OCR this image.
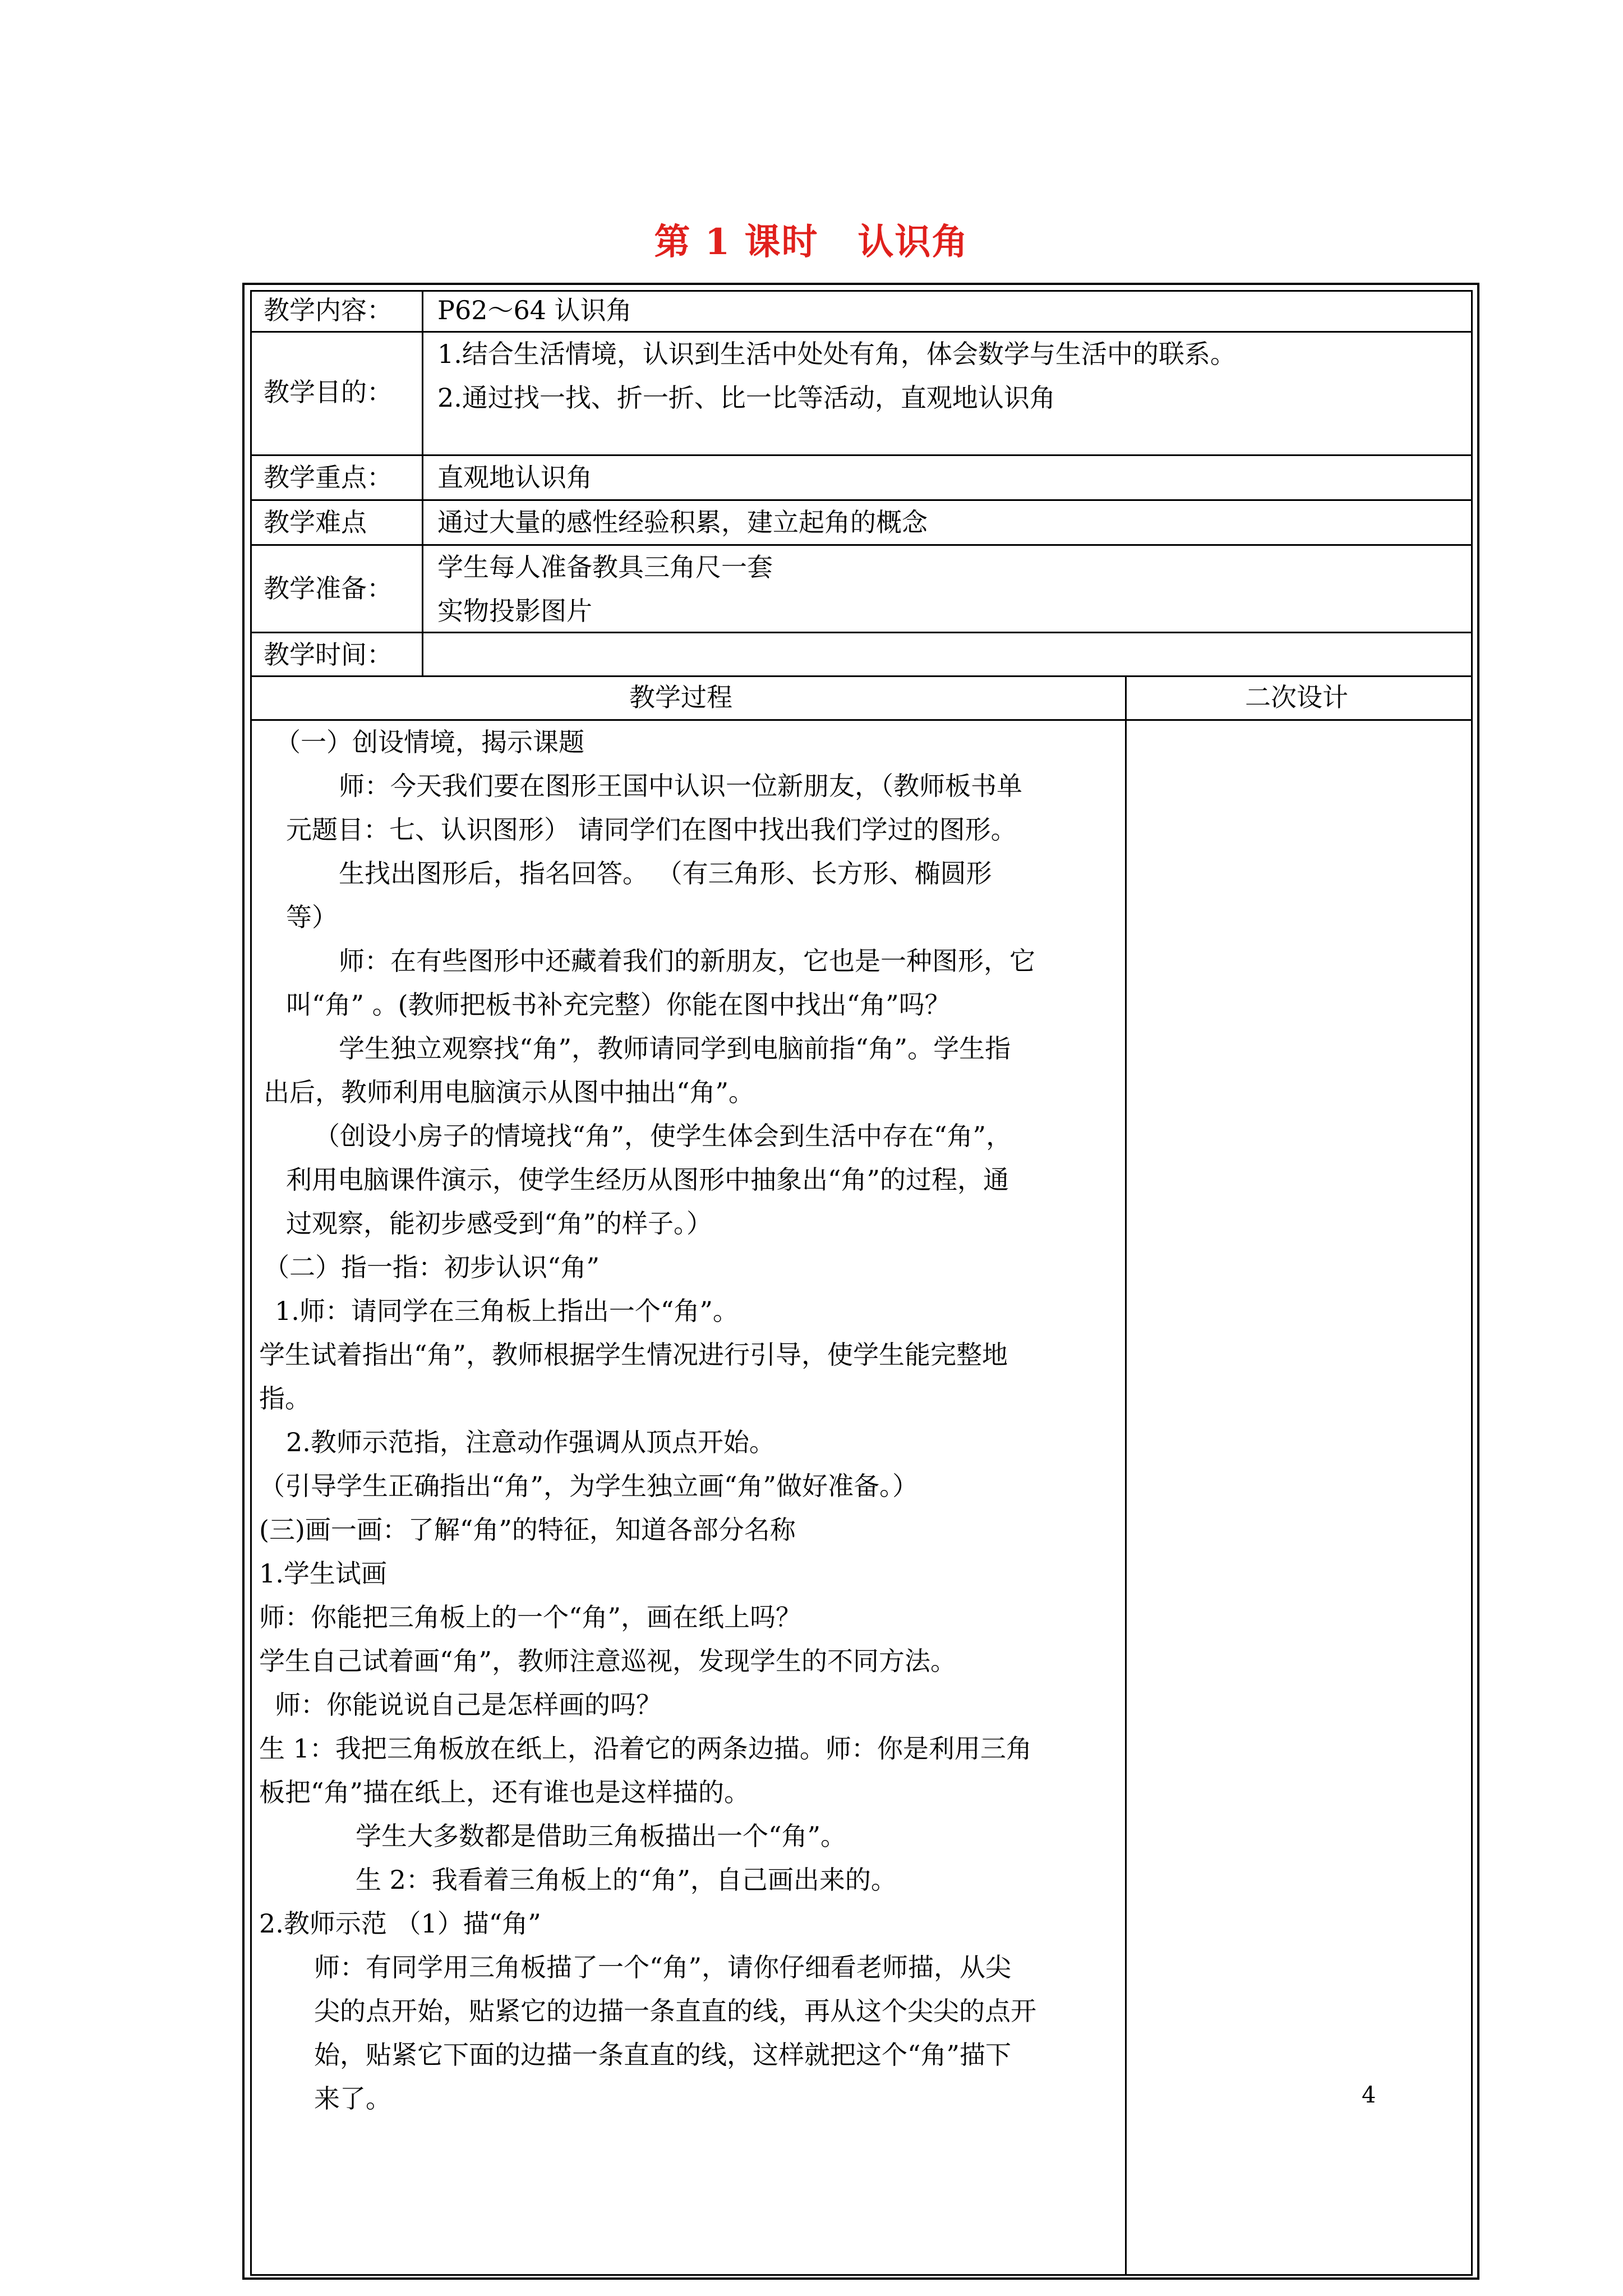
第 1 课时 认识角
教学内容： P62～64 认识角
教学目的：
1.结合生活情境，认识到生活中处处有角，体会数学与生活中的联系。
2.通过找一找、折一折、比一比等活动，直观地认识角
教学重点： 直观地认识角
教学难点	通过大量的感性经验积累，建立起角的概念
教学准备：
学生每人准备教具三角尺一套
实物投影图片
教学时间：
教学过程	二次设计
（一）创设情境，揭示课题
师：今天我们要在图形王国中认识一位新朋友，（教师板书单
元题目：七、认识图形） 请同学们在图中找出我们学过的图形。
生找出图形后，指名回答。 （有三角形、长方形、椭圆形
等）
师：在有些图形中还藏着我们的新朋友，它也是一种图形，它
叫“角” 。(教师把板书补充完整）你能在图中找出“角”吗？
学生独立观察找“角”，教师请同学到电脑前指“角”。学生指
出后，教师利用电脑演示从图中抽出“角”。
（创设小房子的情境找“角”，使学生体会到生活中存在“角”，
利用电脑课件演示，使学生经历从图形中抽象出“角”的过程，通
过观察，能初步感受到“角”的样子。）
（二）指一指：初步认识“角”
1.师：请同学在三角板上指出一个“角”。
学生试着指出“角”，教师根据学生情况进行引导，使学生能完整地
指。
2.教师示范指，注意动作强调从顶点开始。
（引导学生正确指出“角”，为学生独立画“角”做好准备。）
(三)画一画：了解“角”的特征，知道各部分名称
1.学生试画
师：你能把三角板上的一个“角”，画在纸上吗？
学生自己试着画“角”，教师注意巡视，发现学生的不同方法。
师：你能说说自己是怎样画的吗？
生 1：我把三角板放在纸上，沿着它的两条边描。师：你是利用三角
板把“角”描在纸上，还有谁也是这样描的。
学生大多数都是借助三角板描出一个“角”。
生 2：我看着三角板上的“角”，自己画出来的。
2.教师示范 （1）描“角”
师：有同学用三角板描了一个“角”，请你仔细看老师描，从尖
尖的点开始，贴紧它的边描一条直直的线，再从这个尖尖的点开
始，贴紧它下面的边描一条直直的线，这样就把这个“角”描下
来了。	4
